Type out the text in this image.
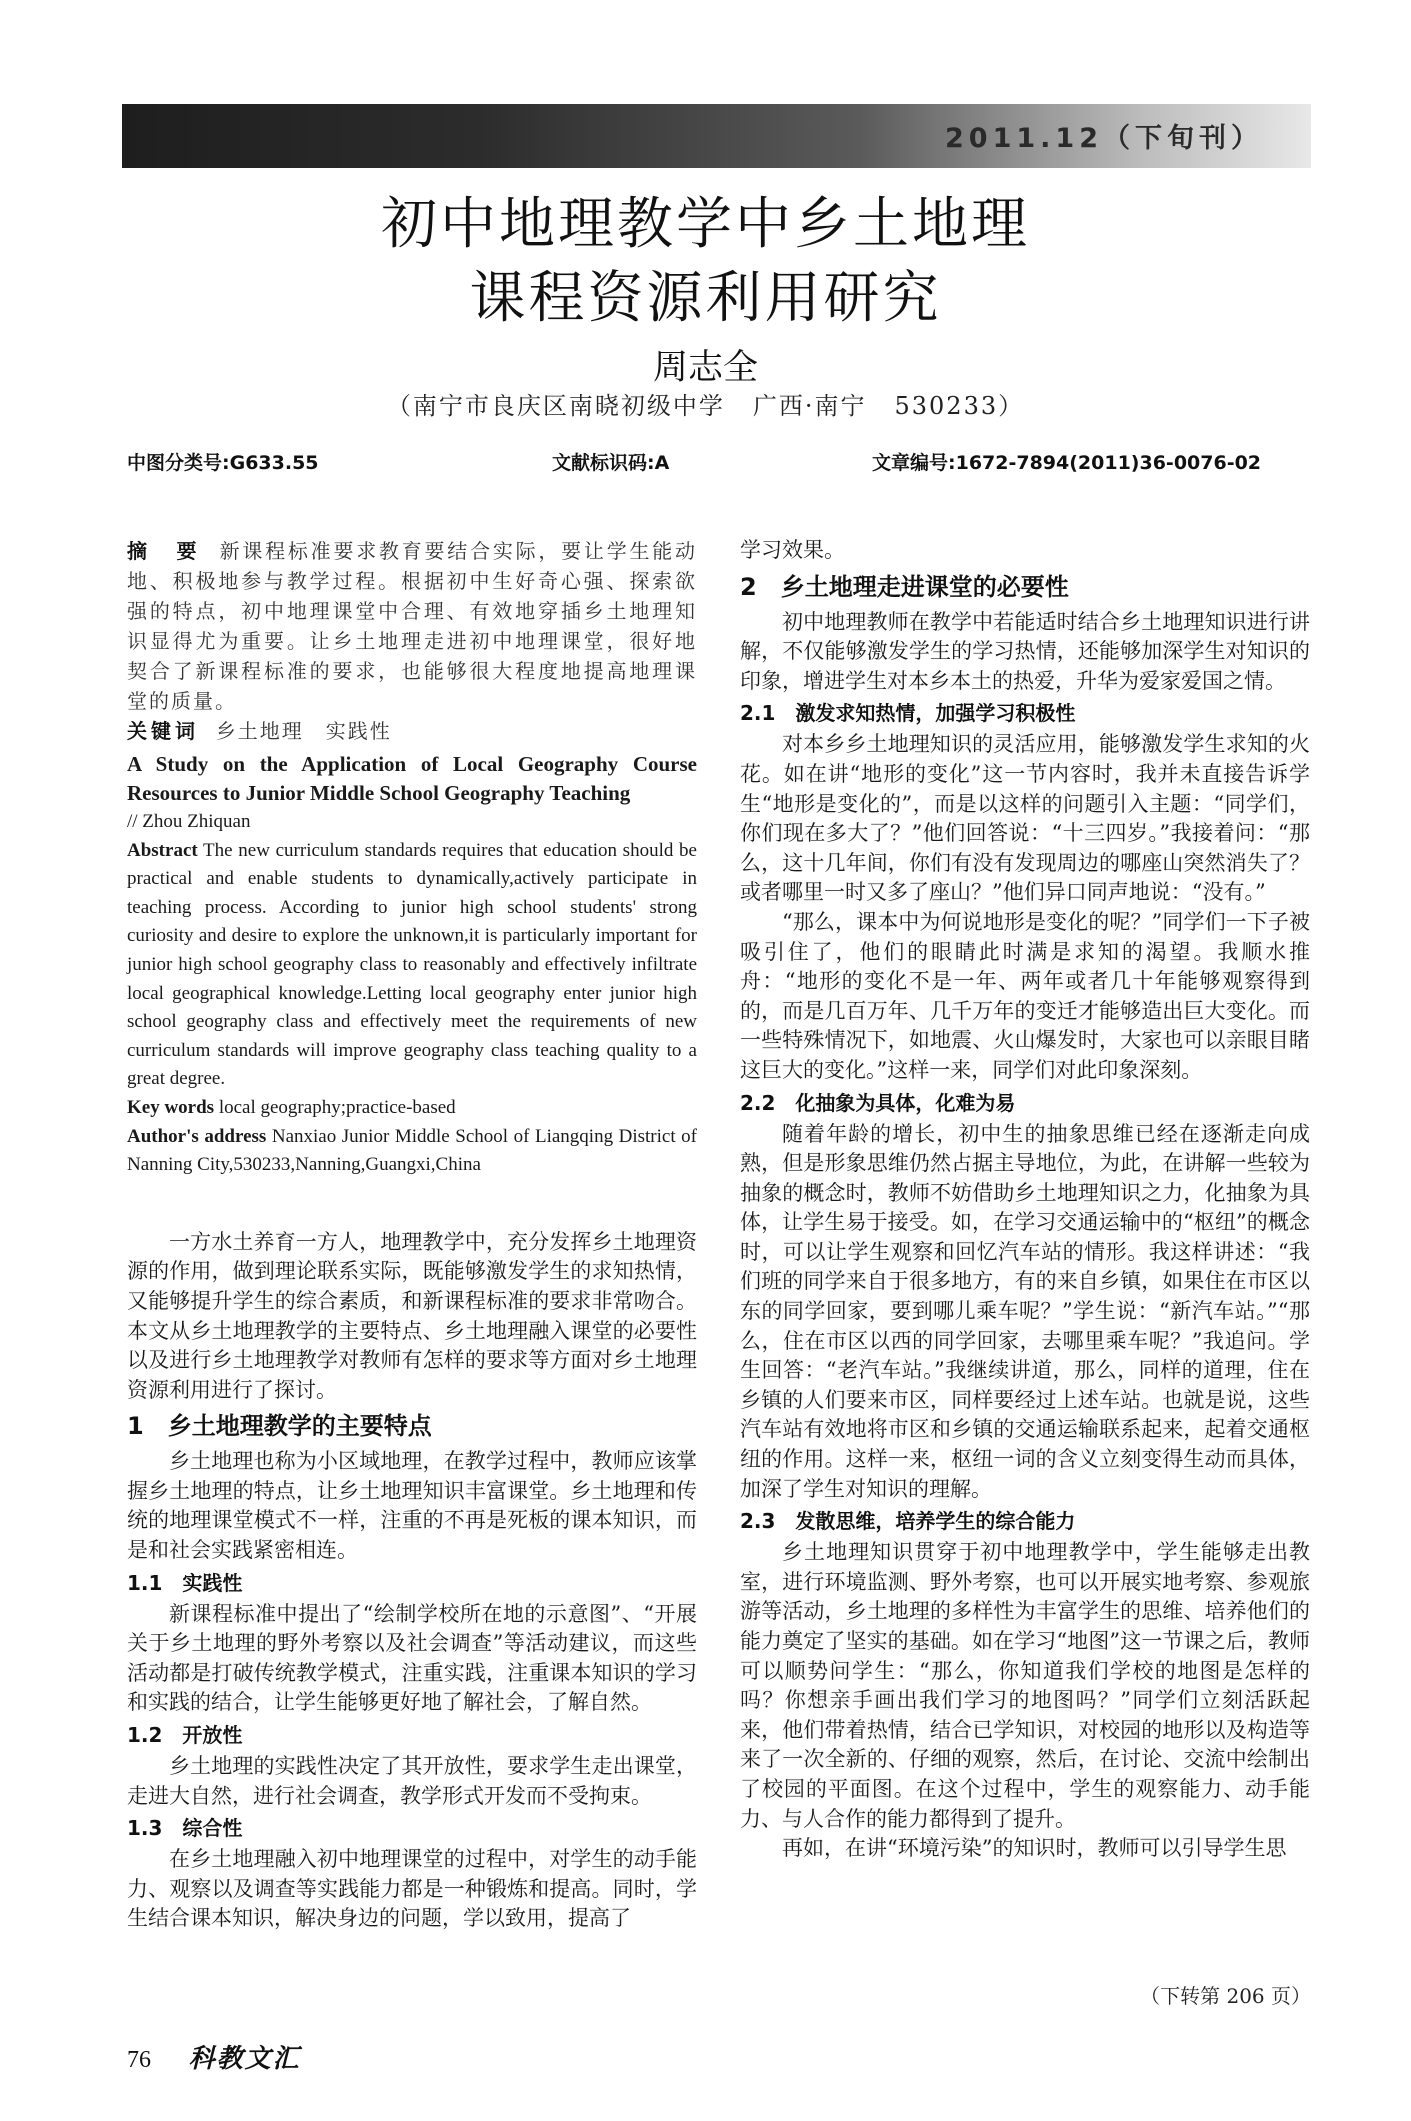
2011.12（下旬刊）
初中地理教学中乡土地理
课程资源利用研究
周志全
（南宁市良庆区南晓初级中学 广西·南宁 530233）
中图分类号:G633.55	文献标识码:A	文章编号:1672-7894(2011)36-0076-02

摘　要 新课程标准要求教育要结合实际，要让学生能动地、积极地参与教学过程。根据初中生好奇心强、探索欲强的特点，初中地理课堂中合理、有效地穿插乡土地理知识显得尤为重要。让乡土地理走进初中地理课堂，很好地契合了新课程标准的要求，也能够很大程度地提高地理课堂的质量。

关键词 乡土地理　实践性

A Study on the Application of Local Geography Course Resources to Junior Middle School Geography Teaching

// Zhou Zhiquan

Abstract The new curriculum standards requires that education should be practical and enable students to dynamically,actively participate in teaching process. According to junior high school students' strong curiosity and desire to explore the unknown,it is particularly important for junior high school geography class to reasonably and effectively infiltrate local geographical knowledge.Letting local geography enter junior high school geography class and effectively meet the requirements of new curriculum standards will improve geography class teaching quality to a great degree.

Key words local geography;practice-based

Author's address Nanxiao Junior Middle School of Liangqing District of Nanning City,530233,Nanning,Guangxi,China

一方水土养育一方人，地理教学中，充分发挥乡土地理资源的作用，做到理论联系实际，既能够激发学生的求知热情，又能够提升学生的综合素质，和新课程标准的要求非常吻合。本文从乡土地理教学的主要特点、乡土地理融入课堂的必要性以及进行乡土地理教学对教师有怎样的要求等方面对乡土地理资源利用进行了探讨。

1　乡土地理教学的主要特点

乡土地理也称为小区域地理，在教学过程中，教师应该掌握乡土地理的特点，让乡土地理知识丰富课堂。乡土地理和传统的地理课堂模式不一样，注重的不再是死板的课本知识，而是和社会实践紧密相连。

1.1　实践性

新课程标准中提出了“绘制学校所在地的示意图”、“开展关于乡土地理的野外考察以及社会调查”等活动建议，而这些活动都是打破传统教学模式，注重实践，注重课本知识的学习和实践的结合，让学生能够更好地了解社会，了解自然。

1.2　开放性

乡土地理的实践性决定了其开放性，要求学生走出课堂，走进大自然，进行社会调查，教学形式开发而不受拘束。

1.3　综合性

在乡土地理融入初中地理课堂的过程中，对学生的动手能力、观察以及调查等实践能力都是一种锻炼和提高。同时，学生结合课本知识，解决身边的问题，学以致用，提高了

学习效果。

2　乡土地理走进课堂的必要性

初中地理教师在教学中若能适时结合乡土地理知识进行讲解，不仅能够激发学生的学习热情，还能够加深学生对知识的印象，增进学生对本乡本土的热爱，升华为爱家爱国之情。

2.1　激发求知热情，加强学习积极性

对本乡乡土地理知识的灵活应用，能够激发学生求知的火花。如在讲“地形的变化”这一节内容时，我并未直接告诉学生“地形是变化的”，而是以这样的问题引入主题：“同学们，你们现在多大了？”他们回答说：“十三四岁。”我接着问：“那么，这十几年间，你们有没有发现周边的哪座山突然消失了？或者哪里一时又多了座山？”他们异口同声地说：“没有。”

“那么，课本中为何说地形是变化的呢？”同学们一下子被吸引住了，他们的眼睛此时满是求知的渴望。我顺水推舟：“地形的变化不是一年、两年或者几十年能够观察得到的，而是几百万年、几千万年的变迁才能够造出巨大变化。而一些特殊情况下，如地震、火山爆发时，大家也可以亲眼目睹这巨大的变化。”这样一来，同学们对此印象深刻。

2.2　化抽象为具体，化难为易

随着年龄的增长，初中生的抽象思维已经在逐渐走向成熟，但是形象思维仍然占据主导地位，为此，在讲解一些较为抽象的概念时，教师不妨借助乡土地理知识之力，化抽象为具体，让学生易于接受。如，在学习交通运输中的“枢纽”的概念时，可以让学生观察和回忆汽车站的情形。我这样讲述：“我们班的同学来自于很多地方，有的来自乡镇，如果住在市区以东的同学回家，要到哪儿乘车呢？”学生说：“新汽车站。”“那么，住在市区以西的同学回家，去哪里乘车呢？”我追问。学生回答：“老汽车站。”我继续讲道，那么，同样的道理，住在乡镇的人们要来市区，同样要经过上述车站。也就是说，这些汽车站有效地将市区和乡镇的交通运输联系起来，起着交通枢纽的作用。这样一来，枢纽一词的含义立刻变得生动而具体，加深了学生对知识的理解。

2.3　发散思维，培养学生的综合能力

乡土地理知识贯穿于初中地理教学中，学生能够走出教室，进行环境监测、野外考察，也可以开展实地考察、参观旅游等活动，乡土地理的多样性为丰富学生的思维、培养他们的能力奠定了坚实的基础。如在学习“地图”这一节课之后，教师可以顺势问学生：“那么，你知道我们学校的地图是怎样的吗？你想亲手画出我们学习的地图吗？”同学们立刻活跃起来，他们带着热情，结合已学知识，对校园的地形以及构造等来了一次全新的、仔细的观察，然后，在讨论、交流中绘制出了校园的平面图。在这个过程中，学生的观察能力、动手能力、与人合作的能力都得到了提升。

再如，在讲“环境污染”的知识时，教师可以引导学生思

（下转第 206 页）
76 科教文汇
